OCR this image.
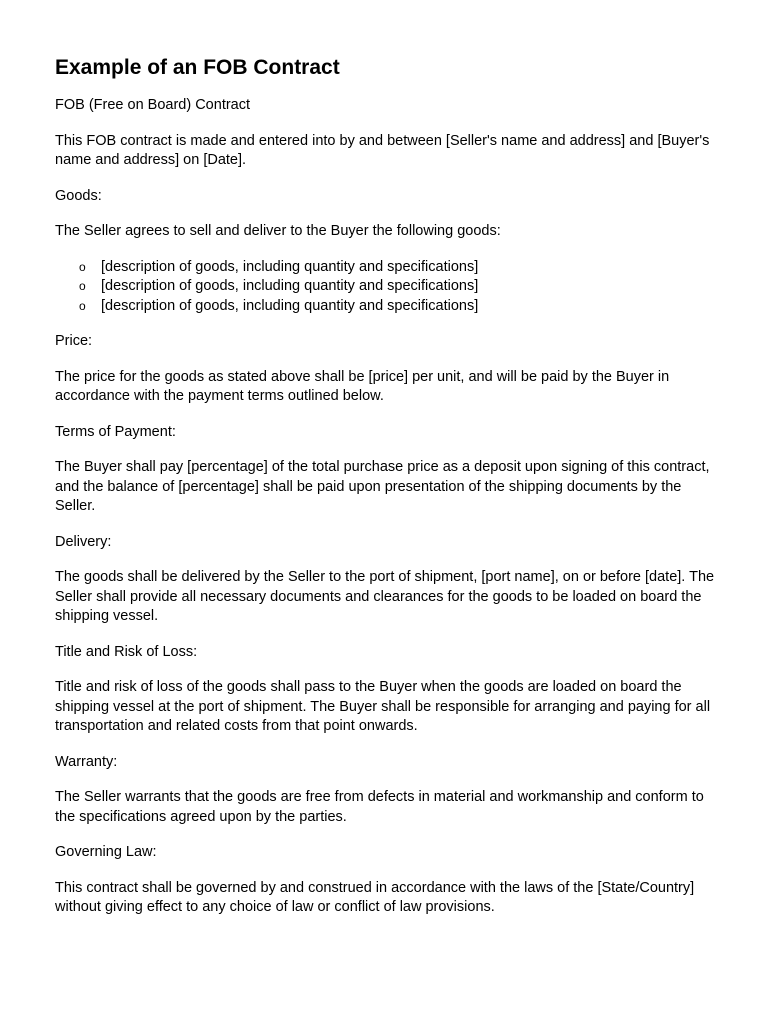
Example of an FOB Contract

FOB (Free on Board) Contract

This FOB contract is made and entered into by and between [Seller's name and address] and [Buyer's name and address] on [Date].

Goods:

The Seller agrees to sell and deliver to the Buyer the following goods:

o [description of goods, including quantity and specifications]
o [description of goods, including quantity and specifications]
o [description of goods, including quantity and specifications]

Price:

The price for the goods as stated above shall be [price] per unit, and will be paid by the Buyer in accordance with the payment terms outlined below.

Terms of Payment:

The Buyer shall pay [percentage] of the total purchase price as a deposit upon signing of this contract, and the balance of [percentage] shall be paid upon presentation of the shipping documents by the Seller.

Delivery:

The goods shall be delivered by the Seller to the port of shipment, [port name], on or before [date]. The Seller shall provide all necessary documents and clearances for the goods to be loaded on board the shipping vessel.

Title and Risk of Loss:

Title and risk of loss of the goods shall pass to the Buyer when the goods are loaded on board the shipping vessel at the port of shipment. The Buyer shall be responsible for arranging and paying for all transportation and related costs from that point onwards.

Warranty:

The Seller warrants that the goods are free from defects in material and workmanship and conform to the specifications agreed upon by the parties.

Governing Law:

This contract shall be governed by and construed in accordance with the laws of the [State/Country] without giving effect to any choice of law or conflict of law provisions.
